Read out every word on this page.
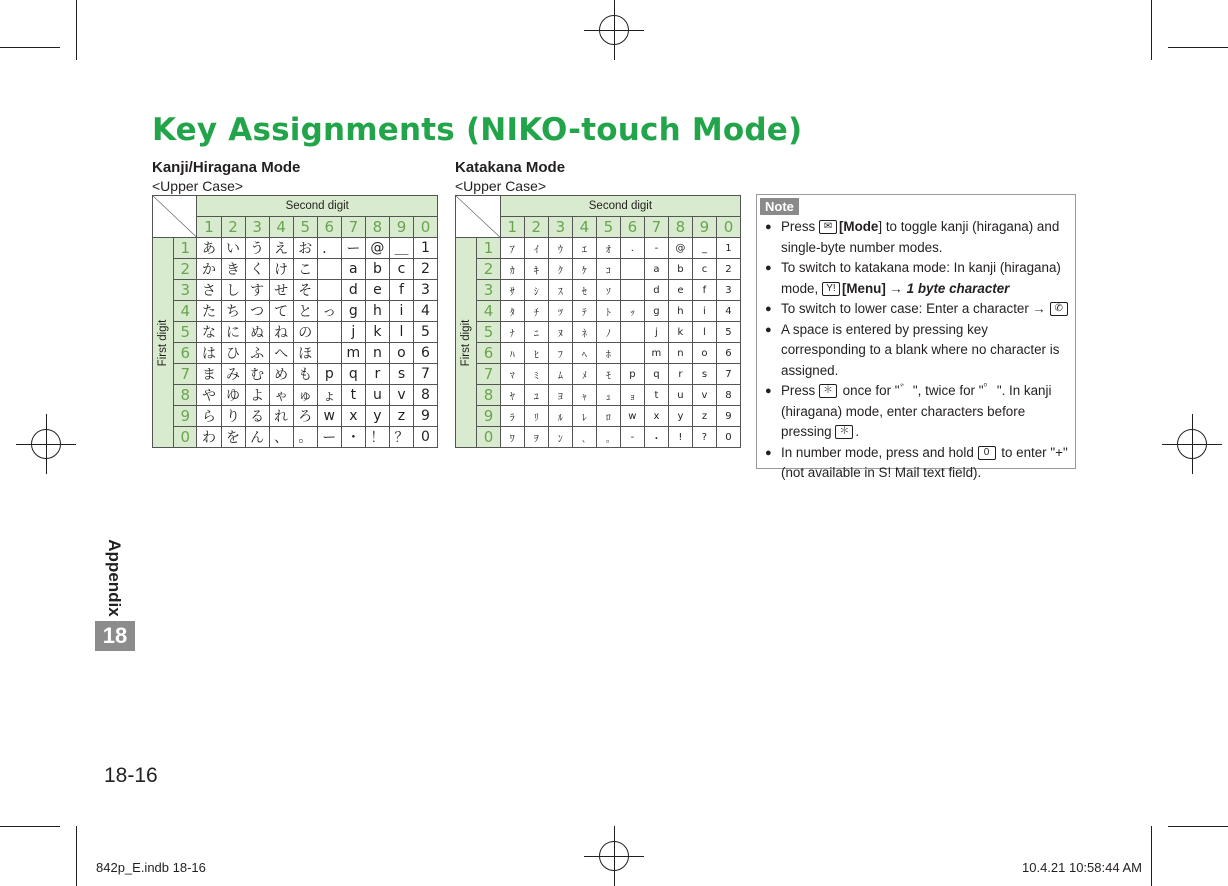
Key Assignments (NIKO-touch Mode)
Kanji/Hiragana Mode
<Upper Case>
	Second digit									
		1	2	3	4	5	6	7	8	9	0

First digit	1	あ	い	う	え	お	．	ー	@	＿	1
	2	か	き	く	け	こ		a	b	c	2
	3	さ	し	す	せ	そ		d	e	f	3
	4	た	ち	つ	て	と	っ	g	h	i	4
	5	な	に	ぬ	ね	の		j	k	l	5
	6	は	ひ	ふ	へ	ほ		m	n	o	6
	7	ま	み	む	め	も	p	q	r	s	7
	8	や	ゆ	よ	ゃ	ゅ	ょ	t	u	v	8
	9	ら	り	る	れ	ろ	w	x	y	z	9
	0	わ	を	ん	、	。	ー	・	！	？	0
Katakana Mode
<Upper Case>
	Second digit									
		1	2	3	4	5	6	7	8	9	0

First digit	1	ｱ	ｲ	ｳ	ｴ	ｵ	.	-	@	_	1
	2	ｶ	ｷ	ｸ	ｹ	ｺ		a	b	c	2
	3	ｻ	ｼ	ｽ	ｾ	ｿ		d	e	f	3
	4	ﾀ	ﾁ	ﾂ	ﾃ	ﾄ	ｯ	g	h	i	4
	5	ﾅ	ﾆ	ﾇ	ﾈ	ﾉ		j	k	l	5
	6	ﾊ	ﾋ	ﾌ	ﾍ	ﾎ		m	n	o	6
	7	ﾏ	ﾐ	ﾑ	ﾒ	ﾓ	p	q	r	s	7
	8	ﾔ	ﾕ	ﾖ	ｬ	ｭ	ｮ	t	u	v	8
	9	ﾗ	ﾘ	ﾙ	ﾚ	ﾛ	w	x	y	z	9
	0	ﾜ	ｦ	ﾝ	､	｡	-	･	!	?	0
Note
● Press ✉ [Mode] to toggle kanji (hiragana) and single-byte number modes.
● To switch to katakana mode: In kanji (hiragana) mode, Y! [Menu] → 1 byte character
● To switch to lower case: Enter a character → ✆
● A space is entered by pressing key corresponding to a blank where no character is assigned.
● Press ＊ once for "゛", twice for "゜". In kanji (hiragana) mode, enter characters before pressing ＊ .
● In number mode, press and hold 0 to enter "+" (not available in S! Mail text field).
Appendix
18
18-16
842p_E.indb 18-16	10.4.21 10:58:44 AM
